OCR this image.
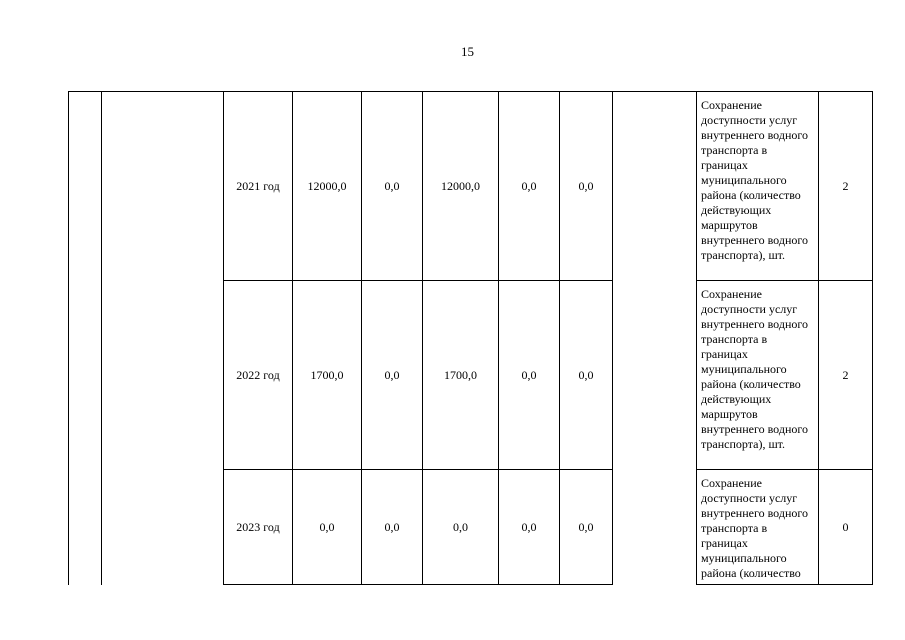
15
		2021 год	12000,0	0,0	12000,0	0,0	0,0		Сохранение доступности услуг внутреннего водного транспорта в границах муниципального района (количество действующих маршрутов внутреннего водного транспорта), шт.	2
		2022 год	1700,0	0,0	1700,0	0,0	0,0		Сохранение доступности услуг внутреннего водного транспорта в границах муниципального района (количество действующих маршрутов внутреннего водного транспорта), шт.	2
		2023 год	0,0	0,0	0,0	0,0	0,0		Сохранение доступности услуг внутреннего водного транспорта в границах муниципального района (количество	0
